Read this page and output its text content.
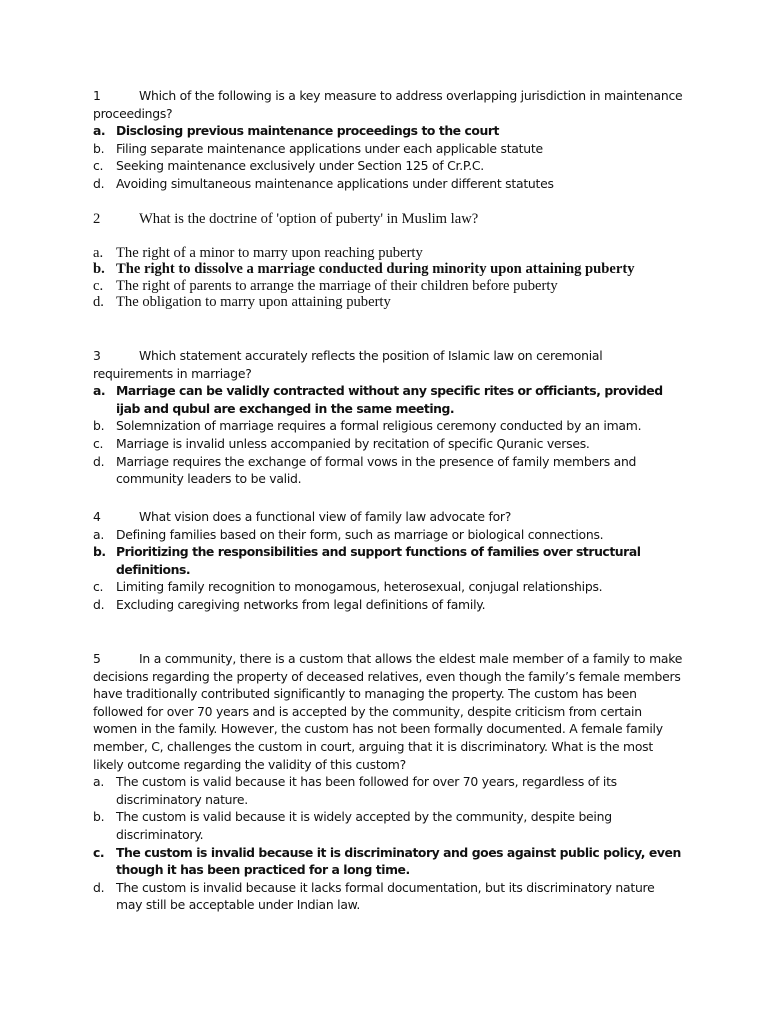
1	Which of the following is a key measure to address overlapping jurisdiction in maintenance proceedings?

a. Disclosing previous maintenance proceedings to the court
b. Filing separate maintenance applications under each applicable statute
c. Seeking maintenance exclusively under Section 125 of Cr.P.C.
d. Avoiding simultaneous maintenance applications under different statutes

2	What is the doctrine of 'option of puberty' in Muslim law?

a. The right of a minor to marry upon reaching puberty
b. The right to dissolve a marriage conducted during minority upon attaining puberty
c. The right of parents to arrange the marriage of their children before puberty
d. The obligation to marry upon attaining puberty

3	Which statement accurately reflects the position of Islamic law on ceremonial requirements in marriage?

a. Marriage can be validly contracted without any specific rites or officiants, provided ijab and qubul are exchanged in the same meeting.
b. Solemnization of marriage requires a formal religious ceremony conducted by an imam.
c. Marriage is invalid unless accompanied by recitation of specific Quranic verses.
d. Marriage requires the exchange of formal vows in the presence of family members and community leaders to be valid.

4	What vision does a functional view of family law advocate for?

a. Defining families based on their form, such as marriage or biological connections.
b. Prioritizing the responsibilities and support functions of families over structural definitions.
c. Limiting family recognition to monogamous, heterosexual, conjugal relationships.
d. Excluding caregiving networks from legal definitions of family.

5	In a community, there is a custom that allows the eldest male member of a family to make decisions regarding the property of deceased relatives, even though the family’s female members have traditionally contributed significantly to managing the property. The custom has been followed for over 70 years and is accepted by the community, despite criticism from certain women in the family. However, the custom has not been formally documented. A female family member, C, challenges the custom in court, arguing that it is discriminatory. What is the most likely outcome regarding the validity of this custom?

a. The custom is valid because it has been followed for over 70 years, regardless of its discriminatory nature.
b. The custom is valid because it is widely accepted by the community, despite being discriminatory.
c. The custom is invalid because it is discriminatory and goes against public policy, even though it has been practiced for a long time.
d. The custom is invalid because it lacks formal documentation, but its discriminatory nature may still be acceptable under Indian law.
